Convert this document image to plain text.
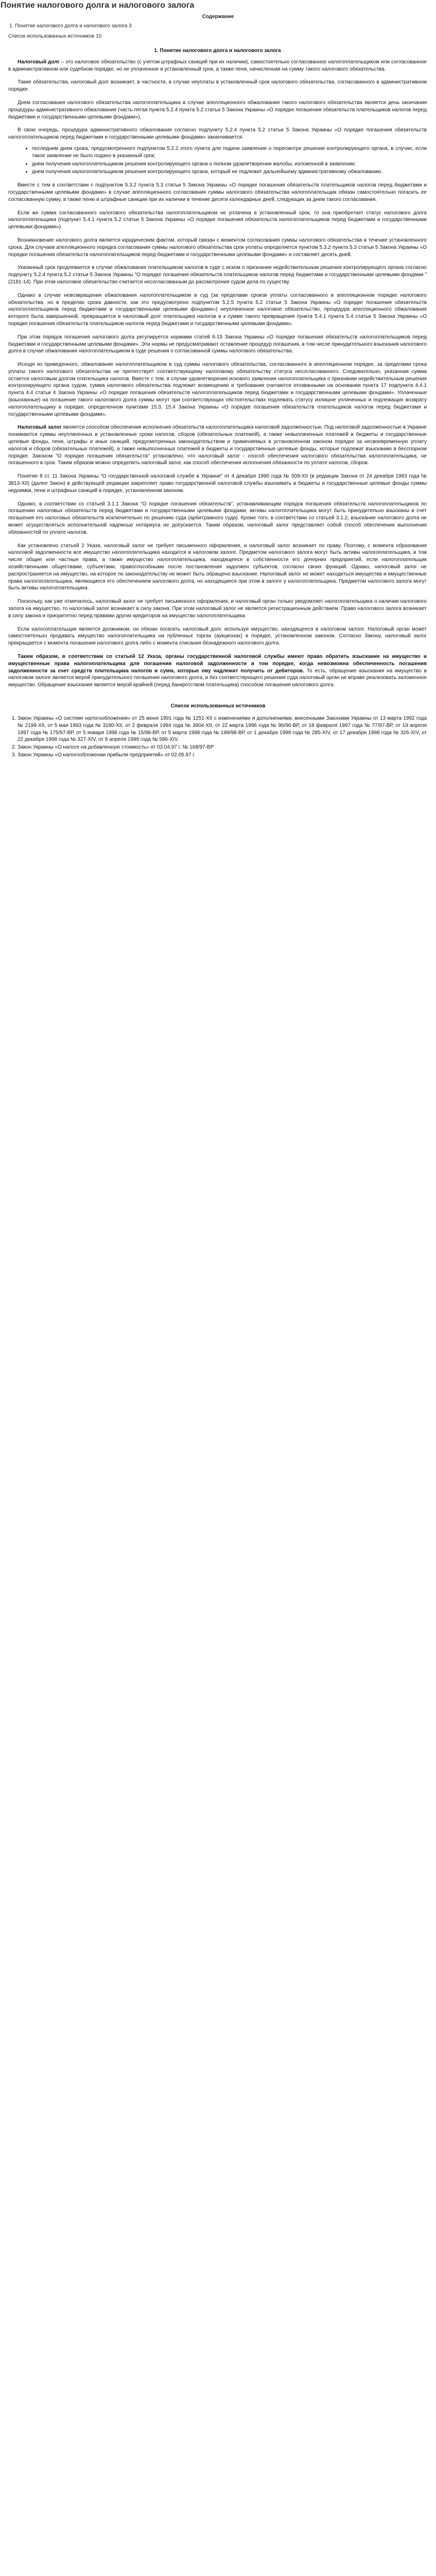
Понятие налогового долга и налогового залога
Содержание
1. Понятие налогового долга и налогового залога 3
Список использованных источников 10
1. Понятие налогового долга и налогового залога

Налоговый долг – это налоговое обязательство (с учетом штрафных санкций при их наличии), самостоятельно согласованное налогоплательщиком или согласованное в административном или судебном порядке, но не уплаченное в установленный срок, а также пеня, начисленная на сумму такого налогового обязательства.

Такие обязательства, налоговый долг возникает, в частности, в случае неуплаты в установленный срок налогового обязательства, согласованного в административном порядке.

Днем согласования налогового обязательства налогоплательщика в случае апелляционного обжалования такого налогового обязательства является день окончания процедуры административного обжалования (часть пятая пункта 5.2.4 пункта 5.2 статьи 5 Закона Украины «О порядке погашения обязательств плательщиков налогов перед бюджетами и государственными целевыми фондами»).

В свою очередь, процедура административного обжалования согласно подпункту 5.2.4 пункта 5.2 статьи 5 Закона Украины «О порядке погашения обязательств налогоплательщиков перед бюджетами и государственными целевыми фондами» заканчивается:

• последним днем срока, предусмотренного подпунктом 5.2.2 этого пункта для подачи заявления о пересмотре решения контролирующего органа, в случае, если такое заявление не было подано в указанный срок;
• днем получения налогоплательщиком решения контролирующего органа о полном удовлетворении жалобы, изложенной в заявлении;
• днем получения налогоплательщиком решения контролирующего органа, который не подлежит дальнейшему административному обжалованию.

Вместе с тем в соответствии с подпунктом 5.3.2 пункта 5.3 статьи 5 Закона Украины «О порядке погашения обязательств плательщиков налогов перед бюджетами и государственными целевыми фондами» в случае апелляционного согласования суммы налогового обязательства налогоплательщик обязан самостоятельно погасить ее согласованную сумму, а также пеню и штрафные санкции при их наличии в течение десяти календарных дней, следующих за днем такого согласования.

Если же сумма согласованного налогового обязательства налогоплательщиком не уплачена в установленный срок, то она приобретает статус налогового долга налогоплательщика (подпункт 5.4.1 пункта 5.2 статьи 5 Закона Украины «О порядке погашения обязательств налогоплательщиков перед бюджетами и государственными целевыми фондами»).

Возникновение налогового долга является юридическим фактом, который связан с моментом согласования суммы налогового обязательства в течение установленного срока. Для случаев апелляционного порядка согласования суммы налогового обязательства срок уплаты определяется пунктом 5.3.2 пункта 5.3 статьи 5 Закона Украины «О порядке погашения обязательств налогоплательщиков перед бюджетами и государственными целевыми фондами» и составляет десять дней.

Указанный срок продлевается в случае обжалования плательщиком налогов в суде с иском о признании недействительным решения контролирующего органа согласно подпункту 5.2.4 пункта 5.2 статьи 5 Закона Украины "О порядке погашения обязательств плательщиков налогов перед бюджетами и государственными целевыми фондами " (2181-14). При этом налоговое обязательство считается несогласованным до рассмотрения судом дела по существу.

Однако в случае невозвращения обжалования налогоплательщиком в суд (за пределами сроков уплаты согласованного в апелляционном порядке налогового обязательства, но в пределах срока давности, как это предусмотрено подпунктом 5.2.5 пункта 5.2 статьи 5 Закона Украины «О порядке погашения обязательств налогоплательщиков перед бюджетами и государственными целевыми фондами») неуплаченное налоговое обязательство, процедура апелляционного обжалования которого была завершенной, превращается в налоговый долг плательщика налогов и к сумме такого превращения пункта 5.4.1 пункта 5.4 статьи 5 Закона Украины «О порядке погашения обязательств плательщиков налогов перед бюджетами и государственными целевыми фондами».

При этом порядок погашения налогового долга регулируется нормами статей 6-15 Закона Украины «О порядке погашения обязательств налогоплательщиков перед бюджетами и государственными целевыми фондами». Эти нормы не предусматривают оставление процедур погашения, в том числе принудительного взыскания налогового долга в случае обжалования налогоплательщиком в суде решения о согласованной суммы налогового обязательства.

Исходя из приведенного, обжалование налогоплательщиком в суд суммы налогового обязательства, согласованного в апелляционном порядке, за пределами срока уплаты такого налогового обязательства не препятствует соответствующему налоговому обязательству статуса несогласованного. Следовательно, указанная сумма остается налоговым долгом плательщика налогов. Вместе с тем, в случае удовлетворения искового заявления налогоплательщика о признании недействительным решения контролирующего органа судом, сумма налогового обязательства подлежит возмещению и требования считаются отозванными на основании пункта 17 подпункта 4.4.1 пункта 4.4 статьи 4 Закона Украины «О порядке погашения обязательств налогоплательщиков перед бюджетами и государственными целевыми фондами». Уплаченные (взысканные) на погашение такого налогового долга суммы могут при соответствующих обстоятельствах подлежать статусу излишне уплаченных и подлежащих возврату налогоплательщику в порядке, определенном пунктами 15.3, 15.4 Закона Украины «О порядке погашения обязательств плательщиков налогов перед бюджетами и государственными целевыми фондами».

Налоговый залог является способом обеспечения исполнения обязательств налогоплательщика налоговой задолженностью. Под налоговой задолженностью в Украине понимаются суммы неуплаченных в установленные сроки налогов, сборов (обязательных платежей), а также невыплаченных платежей в бюджеты и государственные целевые фонды, пеня, штрафы и иных санкций, предусмотренных законодательством и применяемых в установленном законом порядке за несвоевременную уплату налогов и сборов (обязательных платежей), а также невыполненных платежей в бюджеты и государственные целевые фонды, которые подлежат взысканию в бесспорном порядке. Законом "О порядке погашения обязательств" установлено, что налоговый залог - способ обеспечения налогового обязательства налогоплательщика, не погашенного в срок. Таким образом можно определить налоговый залог, как способ обеспечения исполнения обязанности по уплате налогов, сборов.

Понятие 8 ст. 11 Закона Украины "О государственной налоговой службе в Украине" от 4 декабря 1990 года № 509-ХII (в редакции Закона от 24 декабря 1993 года № 3813-ХII) (далее Закон) в действующей редакции закрепляет право государственной налоговой службы взыскивать в бюджеты и государственные целевые фонды суммы недоимки, пени и штрафных санкций в порядке, установленном законом.

Однако, в соответствии со статьей 3.1.1 Закона "О порядке погашения обязательств", устанавливающим порядок погашения обязательств налогоплательщиков по погашению налоговых обязательств перед бюджетами и государственными целевыми фондами, активы налогоплательщика могут быть принудительно взысканы в счет погашения его налоговых обязательств исключительно по решению суда (арбитражного суда). Кроме того, в соответствии со статьей 3.1.2, взыскание налогового долга не может осуществляться исполнительной надписью нотариуса не допускается. Таким образом, налоговый залог представляет собой способ обеспечения выполнения обязанностей по уплате налогов.

Как установлено статьей 2 Указа, налоговый залог не требует письменного оформления, и налоговый залог возникает по праву. Поэтому, с момента образования налоговой задолженности все имущество налогоплательщика находится в налоговом залоге. Предметом налогового залога могут быть активы налогоплательщика, в том числе общие или частные права, а также имущество налогоплательщика, находящееся в собственности его дочерних предприятий, если налогоплательщик хозяйственными обществами, субъектами, правоспособными после постановления задолжен субъектов, согласно своих функций. Однако, налоговый залог не распространяется на имущество, на которое по законодательству не может быть обращено взыскание. Налоговый залог не может находиться имущества и имущественные права налогоплательщика, являющиеся его обеспечением налогового долга, но находящиеся при этом в залоге у налогоплательщика. Предметом налогового залога могут быть активы налогоплательщика.

Поскольку, как уже отмечалось, налоговый залог не требует письменного оформления, и налоговый орган только уведомляет налогоплательщика о наличии налогового залога на имущество, то налоговый залог возникает в силу закона. При этом налоговый залог не является регистрационным действием. Право налогового залога возникает в силу закона и приоритетно перед правами других кредиторов на имущество налогоплательщика.

Если налогоплательщик является должником, он обязан погасить налоговый долг, используя имущество, находящееся в налоговом залоге. Налоговый орган может самостоятельно продавать имущество налогоплательщика на публичных торгах (аукционах) в порядке, установленном законом. Согласно Закону, налоговый залог прекращается с момента погашения налогового долга либо с момента списания безнадежного налогового долга.

Таким образом, в соответствии со статьей 12 Указа, органы государственной налоговой службы имеют право обратить взыскание на имущество и имущественные права налогоплательщика для погашения налоговой задолженности в том порядке, когда невозможна обеспеченность погашения задолженности за счет средств плательщика налогов и сумм, которые ему надлежит получить от дебиторов. То есть, обращение взыскания на имущество в налоговом залоге является мерой принудительного погашения налогового долга, и без соответствующего решения суда налоговый орган не вправе реализовать заложенное имущество. Обращение взыскания является мерой крайней (перед банкротством плательщика) способом погашения налогового долга.

Список использованных источников
1. Закон Украины «О системе налогообложения» от 25 июня 1991 года № 1251-XII с изменениями и дополнениями, внесенными Законами Украины от 13 марта 1992 года № 2199-XII, от 5 мая 1993 года № 3180-XII, от 2 февраля 1994 года № 3904-XII, от 22 марта 1996 года № 96/96-ВР, от 18 февраля 1997 года № 77/97-ВР, от 19 апреля 1997 года № 175/97-ВР, от 5 января 1998 года № 15/98-ВР, от 5 марта 1998 года № 199/98-ВР, от 1 декабря 1998 года № 285-XIV, от 17 декабря 1998 года № 326-XIV, от 22 декабря 1998 года № 327-XIV, от 9 апреля 1999 года № 586-XIV.
2. Закон Украины «О налоге на добавленную стоимость» от 03.04.97 г. № 168/97-ВР
3. Закон Украины «О налогообложении прибыли предприятий» от 02.05.97 г.
